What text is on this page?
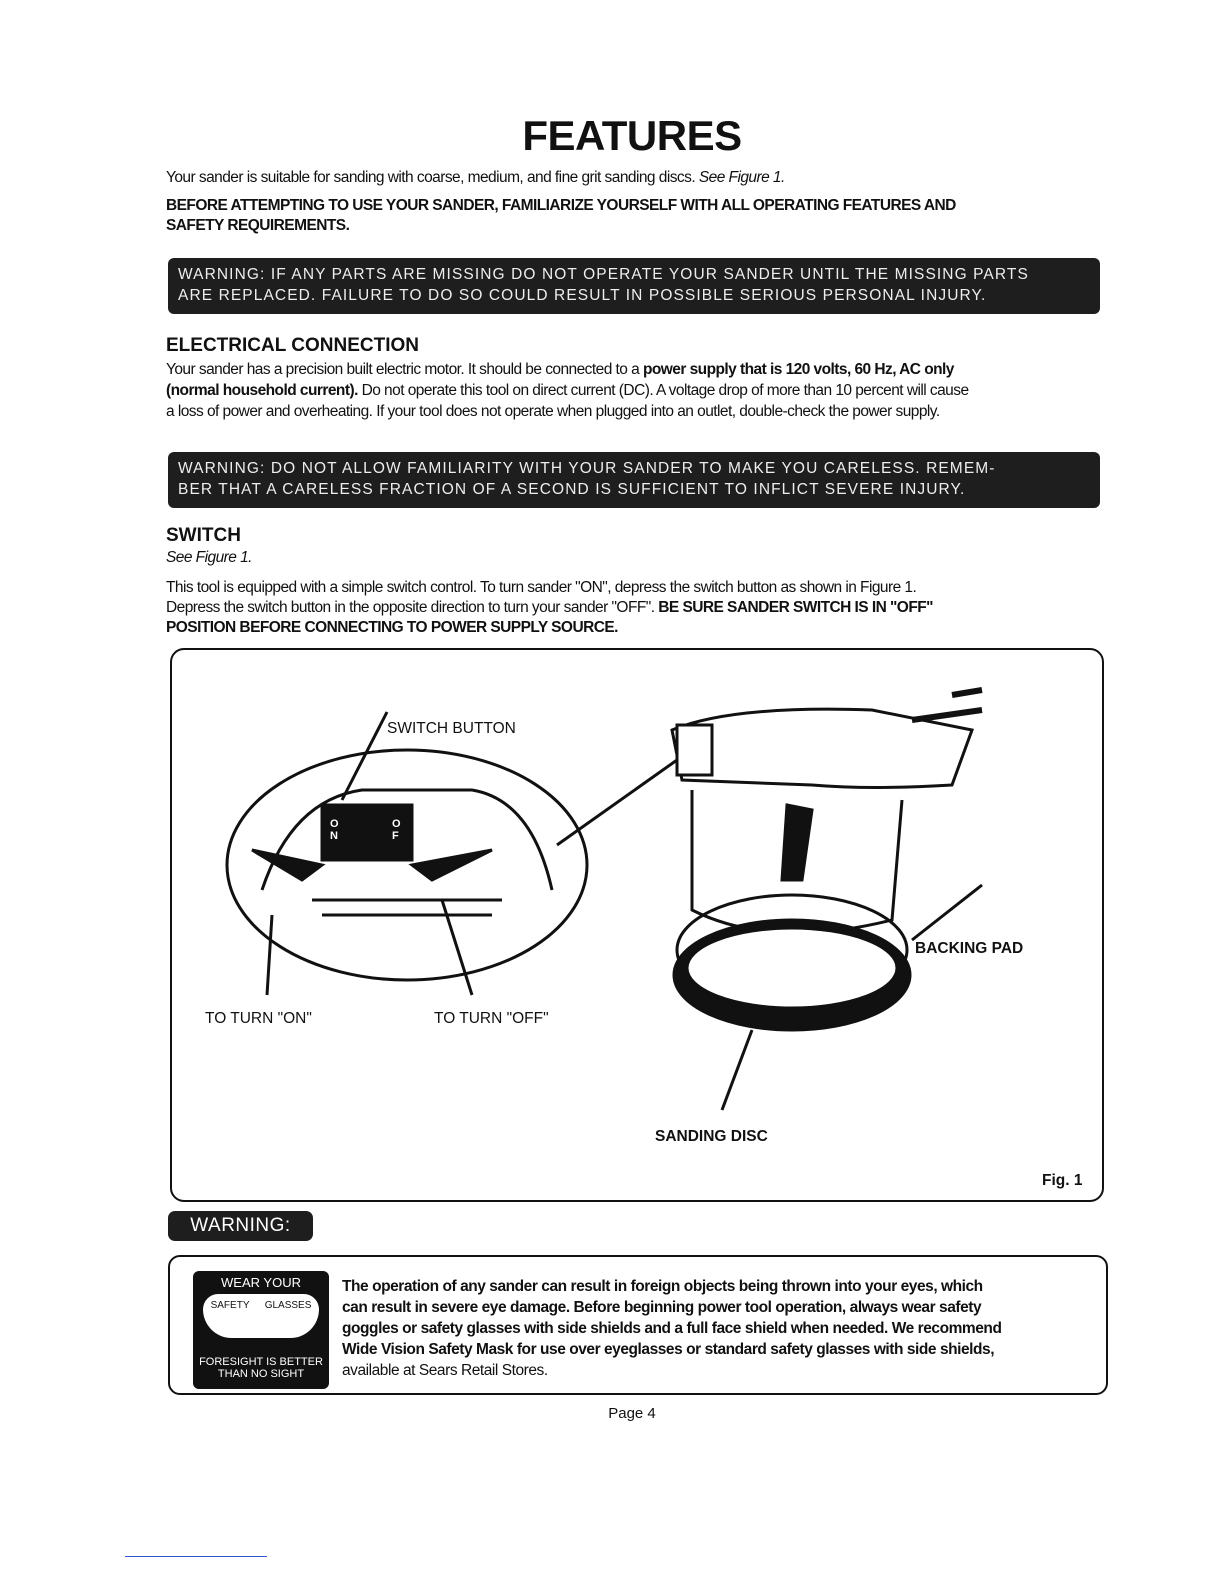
FEATURES
Your sander is suitable for sanding with coarse, medium, and fine grit sanding discs. See Figure 1.
BEFORE ATTEMPTING TO USE YOUR SANDER, FAMILIARIZE YOURSELF WITH ALL OPERATING FEATURES AND
SAFETY REQUIREMENTS.
WARNING: IF ANY PARTS ARE MISSING DO NOT OPERATE YOUR SANDER UNTIL THE MISSING PARTS
ARE REPLACED. FAILURE TO DO SO COULD RESULT IN POSSIBLE SERIOUS PERSONAL INJURY.
ELECTRICAL CONNECTION
Your sander has a precision built electric motor. It should be connected to a power supply that is 120 volts, 60 Hz, AC only
(normal household current). Do not operate this tool on direct current (DC). A voltage drop of more than 10 percent will cause
a loss of power and overheating. If your tool does not operate when plugged into an outlet, double-check the power supply.
WARNING: DO NOT ALLOW FAMILIARITY WITH YOUR SANDER TO MAKE YOU CARELESS. REMEM-
BER THAT A CARELESS FRACTION OF A SECOND IS SUFFICIENT TO INFLICT SEVERE INJURY.
SWITCH
See Figure 1.
This tool is equipped with a simple switch control. To turn sander "ON", depress the switch button as shown in Figure 1.
Depress the switch button in the opposite direction to turn your sander "OFF". BE SURE SANDER SWITCH IS IN "OFF"
POSITION BEFORE CONNECTING TO POWER SUPPLY SOURCE.
SWITCH BUTTON
TO TURN "ON"	TO TURN "OFF"
BACKING PAD
SANDING DISC
Fig. 1
ON
OF
WARNING:
WEAR YOUR
SAFETY GLASSES
FORESIGHT IS BETTER
THAN NO SIGHT
The operation of any sander can result in foreign objects being thrown into your eyes, which
can result in severe eye damage. Before beginning power tool operation, always wear safety
goggles or safety glasses with side shields and a full face shield when needed. We recommend
Wide Vision Safety Mask for use over eyeglasses or standard safety glasses with side shields,
available at Sears Retail Stores.
Page 4
